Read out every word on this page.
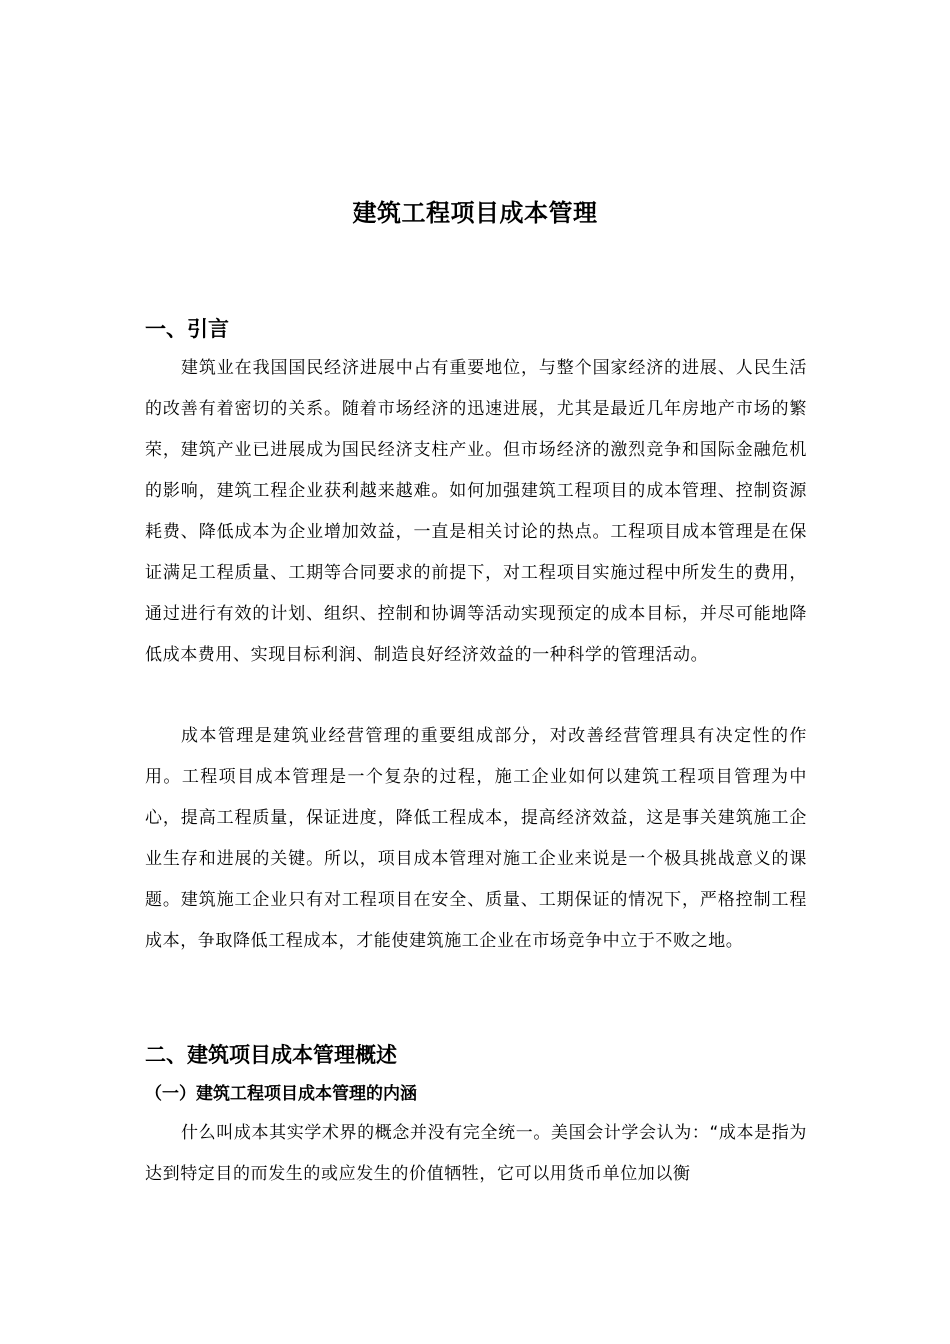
建筑工程项目成本管理
一、引言

建筑业在我国国民经济进展中占有重要地位，与整个国家经济的进展、人民生活的改善有着密切的关系。随着市场经济的迅速进展，尤其是最近几年房地产市场的繁荣，建筑产业已进展成为国民经济支柱产业。但市场经济的激烈竞争和国际金融危机的影响，建筑工程企业获利越来越难。如何加强建筑工程项目的成本管理、控制资源耗费、降低成本为企业增加效益，一直是相关讨论的热点。工程项目成本管理是在保证满足工程质量、工期等合同要求的前提下，对工程项目实施过程中所发生的费用，通过进行有效的计划、组织、控制和协调等活动实现预定的成本目标，并尽可能地降低成本费用、实现目标利润、制造良好经济效益的一种科学的管理活动。

成本管理是建筑业经营管理的重要组成部分，对改善经营管理具有决定性的作用。工程项目成本管理是一个复杂的过程，施工企业如何以建筑工程项目管理为中心，提高工程质量，保证进度，降低工程成本，提高经济效益，这是事关建筑施工企业生存和进展的关键。所以，项目成本管理对施工企业来说是一个极具挑战意义的课题。建筑施工企业只有对工程项目在安全、质量、工期保证的情况下，严格控制工程成本，争取降低工程成本，才能使建筑施工企业在市场竞争中立于不败之地。

二、建筑项目成本管理概述
（一）建筑工程项目成本管理的内涵

什么叫成本其实学术界的概念并没有完全统一。美国会计学会认为：“成本是指为达到特定目的而发生的或应发生的价值牺牲，它可以用货币单位加以衡
